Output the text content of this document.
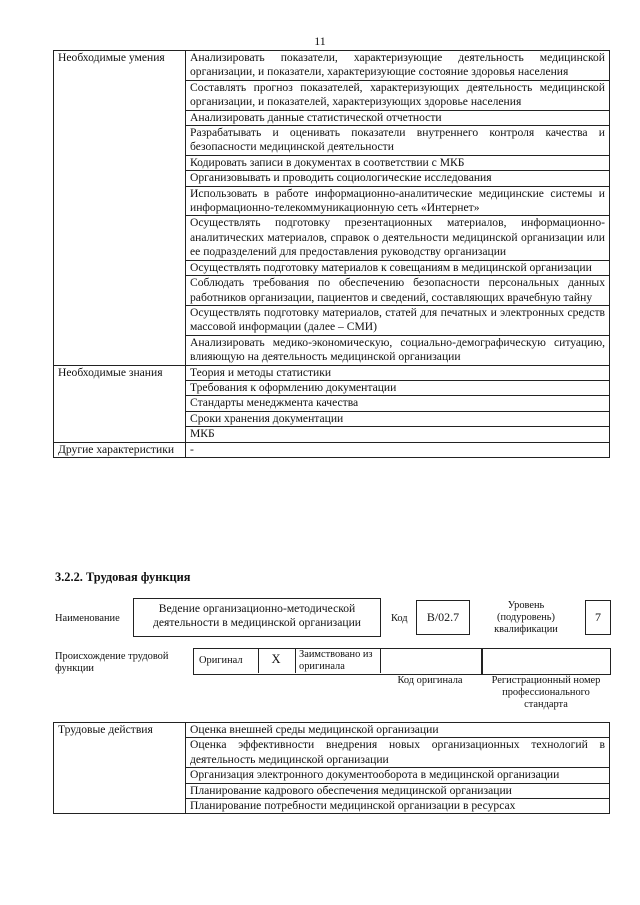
11
Необходимые умения	Анализировать показатели, характеризующие деятельность медицинской организации, и показатели, характеризующие состояние здоровья населения
	Составлять прогноз показателей, характеризующих деятельность медицинской организации, и показателей, характеризующих здоровье населения
	Анализировать данные статистической отчетности
	Разрабатывать и оценивать показатели внутреннего контроля качества и безопасности медицинской деятельности
	Кодировать записи в документах в соответствии с МКБ
	Организовывать и проводить социологические исследования
	Использовать в работе информационно-аналитические медицинские системы и информационно-телекоммуникационную сеть «Интернет»
	Осуществлять подготовку презентационных материалов, информационно-аналитических материалов, справок о деятельности медицинской организации или ее подразделений для предоставления руководству организации
	Осуществлять подготовку материалов к совещаниям в медицинской организации
	Соблюдать требования по обеспечению безопасности персональных данных работников организации, пациентов и сведений, составляющих врачебную тайну
	Осуществлять подготовку материалов, статей для печатных и электронных средств массовой информации (далее – СМИ)
	Анализировать медико-экономическую, социально-демографическую ситуацию, влияющую на деятельность медицинской организации
Необходимые знания	Теория и методы статистики
	Требования к оформлению документации
	Стандарты менеджмента качества
	Сроки хранения документации
	МКБ
Другие характеристики	-
3.2.2. Трудовая функция
Наименование
Ведение организационно-методической деятельности в медицинской организации	Код	B/02.7
Уровень (подуровень) квалификации
7
Происхождение трудовой функции
Оригинал	X	Заимствовано из оригинала
Код оригинала	Регистрационный номер профессионального стандарта
Трудовые действия	Оценка внешней среды медицинской организации
Оценка эффективности внедрения новых организационных технологий в деятельность медицинской организации
Организация электронного документооборота в медицинской организации
Планирование кадрового обеспечения медицинской организации
Планирование потребности медицинской организации в ресурсах
